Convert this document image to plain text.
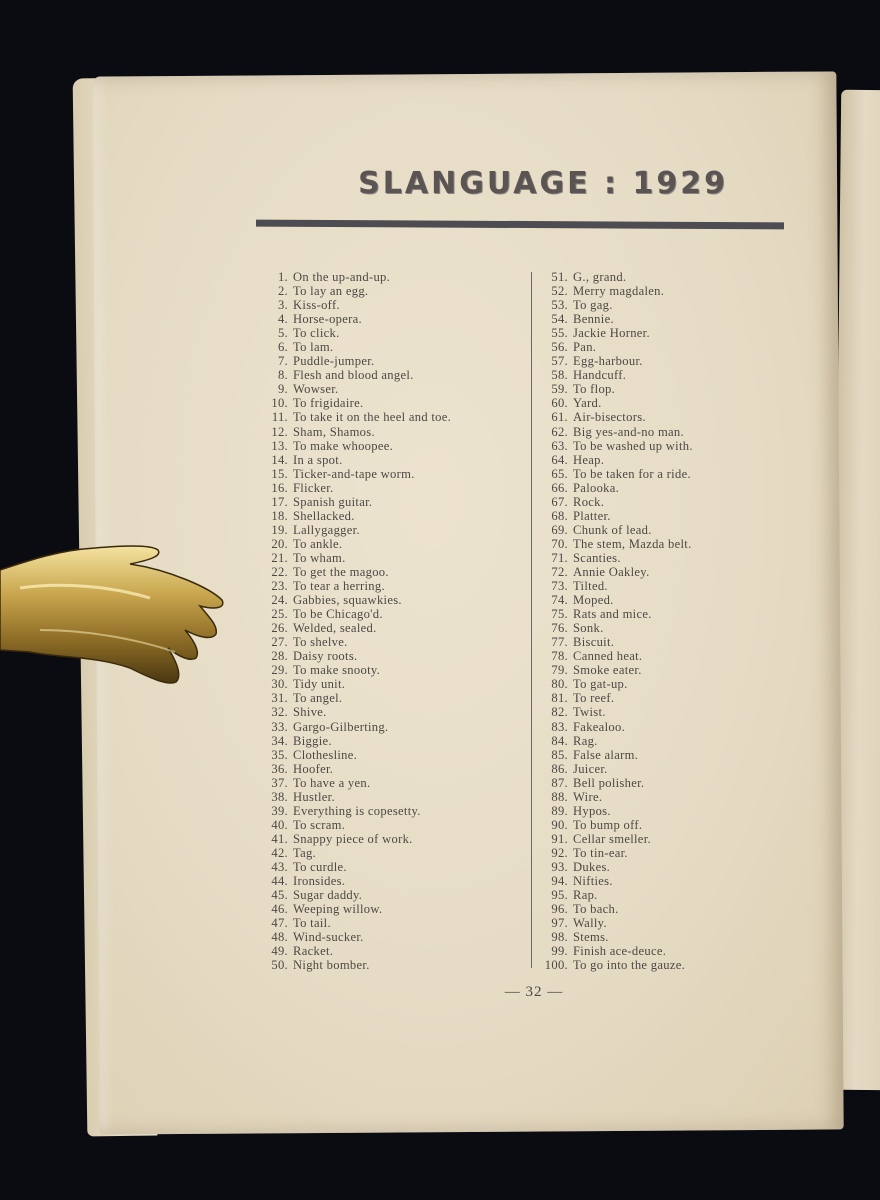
SLANGUAGE : 1929
1. On the up-and-up.
2. To lay an egg.
3. Kiss-off.
4. Horse-opera.
5. To click.
6. To lam.
7. Puddle-jumper.
8. Flesh and blood angel.
9. Wowser.
10. To frigidaire.
11. To take it on the heel and toe.
12. Sham, Shamos.
13. To make whoopee.
14. In a spot.
15. Ticker-and-tape worm.
16. Flicker.
17. Spanish guitar.
18. Shellacked.
19. Lallygagger.
20. To ankle.
21. To wham.
22. To get the magoo.
23. To tear a herring.
24. Gabbies, squawkies.
25. To be Chicago'd.
26. Welded, sealed.
27. To shelve.
28. Daisy roots.
29. To make snooty.
30. Tidy unit.
31. To angel.
32. Shive.
33. Gargo-Gilberting.
34. Biggie.
35. Clothesline.
36. Hoofer.
37. To have a yen.
38. Hustler.
39. Everything is copesetty.
40. To scram.
41. Snappy piece of work.
42. Tag.
43. To curdle.
44. Ironsides.
45. Sugar daddy.
46. Weeping willow.
47. To tail.
48. Wind-sucker.
49. Racket.
50. Night bomber.
51. G., grand.
52. Merry magdalen.
53. To gag.
54. Bennie.
55. Jackie Horner.
56. Pan.
57. Egg-harbour.
58. Handcuff.
59. To flop.
60. Yard.
61. Air-bisectors.
62. Big yes-and-no man.
63. To be washed up with.
64. Heap.
65. To be taken for a ride.
66. Palooka.
67. Rock.
68. Platter.
69. Chunk of lead.
70. The stem, Mazda belt.
71. Scanties.
72. Annie Oakley.
73. Tilted.
74. Moped.
75. Rats and mice.
76. Sonk.
77. Biscuit.
78. Canned heat.
79. Smoke eater.
80. To gat-up.
81. To reef.
82. Twist.
83. Fakealoo.
84. Rag.
85. False alarm.
86. Juicer.
87. Bell polisher.
88. Wire.
89. Hypos.
90. To bump off.
91. Cellar smeller.
92. To tin-ear.
93. Dukes.
94. Nifties.
95. Rap.
96. To bach.
97. Wally.
98. Stems.
99. Finish ace-deuce.
100. To go into the gauze.
— 32 —
